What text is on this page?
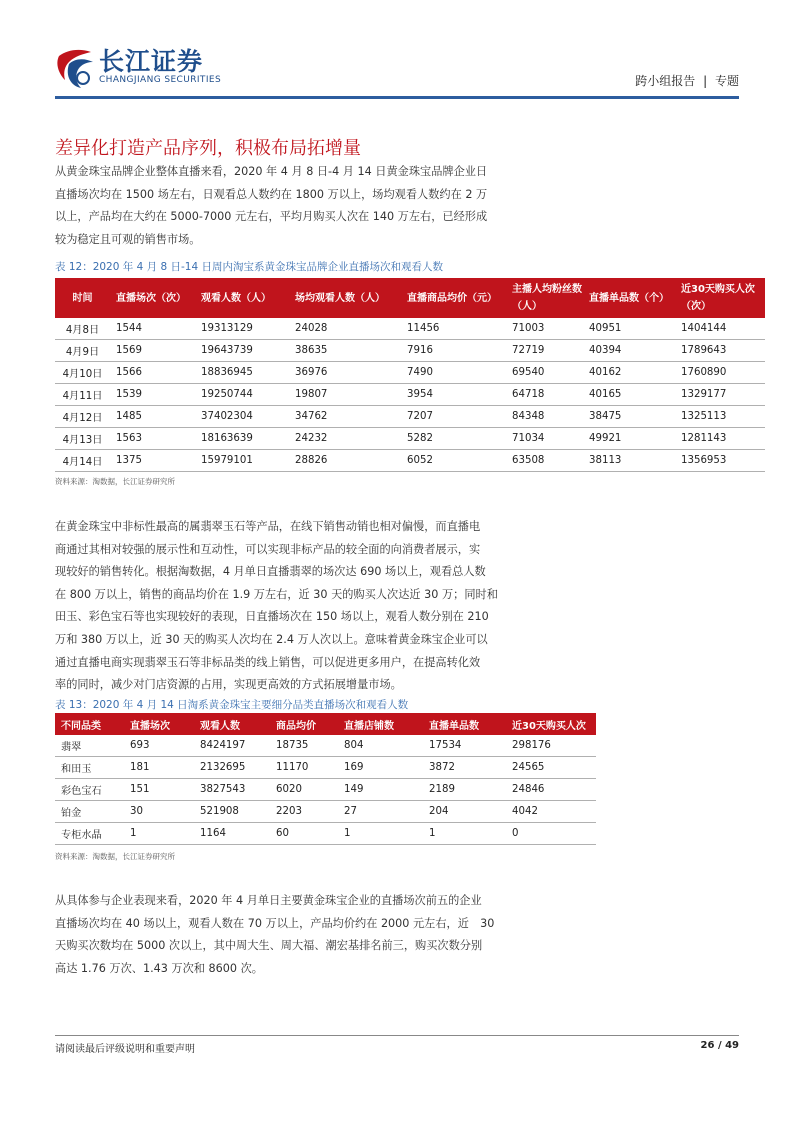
长江证券
CHANGJIANG SECURITIES	跨小组报告 | 专题
差异化打造产品序列，积极布局拓增量

从黄金珠宝品牌企业整体直播来看，2020 年 4 月 8 日-4 月 14 日黄金珠宝品牌企业日

直播场次均在 1500 场左右，日观看总人数约在 1800 万以上，场均观看人数约在 2 万

以上，产品均在大约在 5000-7000 元左右，平均月购买人次在 140 万左右，已经形成

较为稳定且可观的销售市场。

表 12：2020 年 4 月 8 日-14 日周内淘宝系黄金珠宝品牌企业直播场次和观看人数
时间	直播场次（次）	观看人数（人）	场均观看人数（人）	直播商品均价（元）	主播人均粉丝数（人）	直播单品数（个）	近30天购买人次（次）
4月8日	1544	19313129	24028	11456	71003	40951	1404144
4月9日	1569	19643739	38635	7916	72719	40394	1789643
4月10日	1566	18836945	36976	7490	69540	40162	1760890
4月11日	1539	19250744	19807	3954	64718	40165	1329177
4月12日	1485	37402304	34762	7207	84348	38475	1325113
4月13日	1563	18163639	24232	5282	71034	49921	1281143
4月14日	1375	15979101	28826	6052	63508	38113	1356953
资料来源：淘数据，长江证券研究所

在黄金珠宝中非标性最高的属翡翠玉石等产品，在线下销售动销也相对偏慢，而直播电

商通过其相对较强的展示性和互动性，可以实现非标产品的较全面的向消费者展示，实

现较好的销售转化。根据淘数据，4 月单日直播翡翠的场次达 690 场以上，观看总人数

在 800 万以上，销售的商品均价在 1.9 万左右，近 30 天的购买人次达近 30 万；同时和

田玉、彩色宝石等也实现较好的表现，日直播场次在 150 场以上，观看人数分别在 210

万和 380 万以上，近 30 天的购买人次均在 2.4 万人次以上。意味着黄金珠宝企业可以

通过直播电商实现翡翠玉石等非标品类的线上销售，可以促进更多用户，在提高转化效

率的同时，减少对门店资源的占用，实现更高效的方式拓展增量市场。

表 13：2020 年 4 月 14 日淘系黄金珠宝主要细分品类直播场次和观看人数
不同品类	直播场次	观看人数	商品均价	直播店铺数	直播单品数	近30天购买人次
翡翠	693	8424197	18735	804	17534	298176
和田玉	181	2132695	11170	169	3872	24565
彩色宝石	151	3827543	6020	149	2189	24846
铂金	30	521908	2203	27	204	4042
专柜水晶	1	1164	60	1	1	0
资料来源：淘数据，长江证券研究所

从具体参与企业表现来看，2020 年 4 月单日主要黄金珠宝企业的直播场次前五的企业

直播场次均在 40 场以上，观看人数在 70 万以上，产品均价约在 2000 元左右，近　30

天购买次数均在 5000 次以上，其中周大生、周大福、潮宏基排名前三，购买次数分别

高达 1.76 万次、1.43 万次和 8600 次。

请阅读最后评级说明和重要声明	26 / 49
